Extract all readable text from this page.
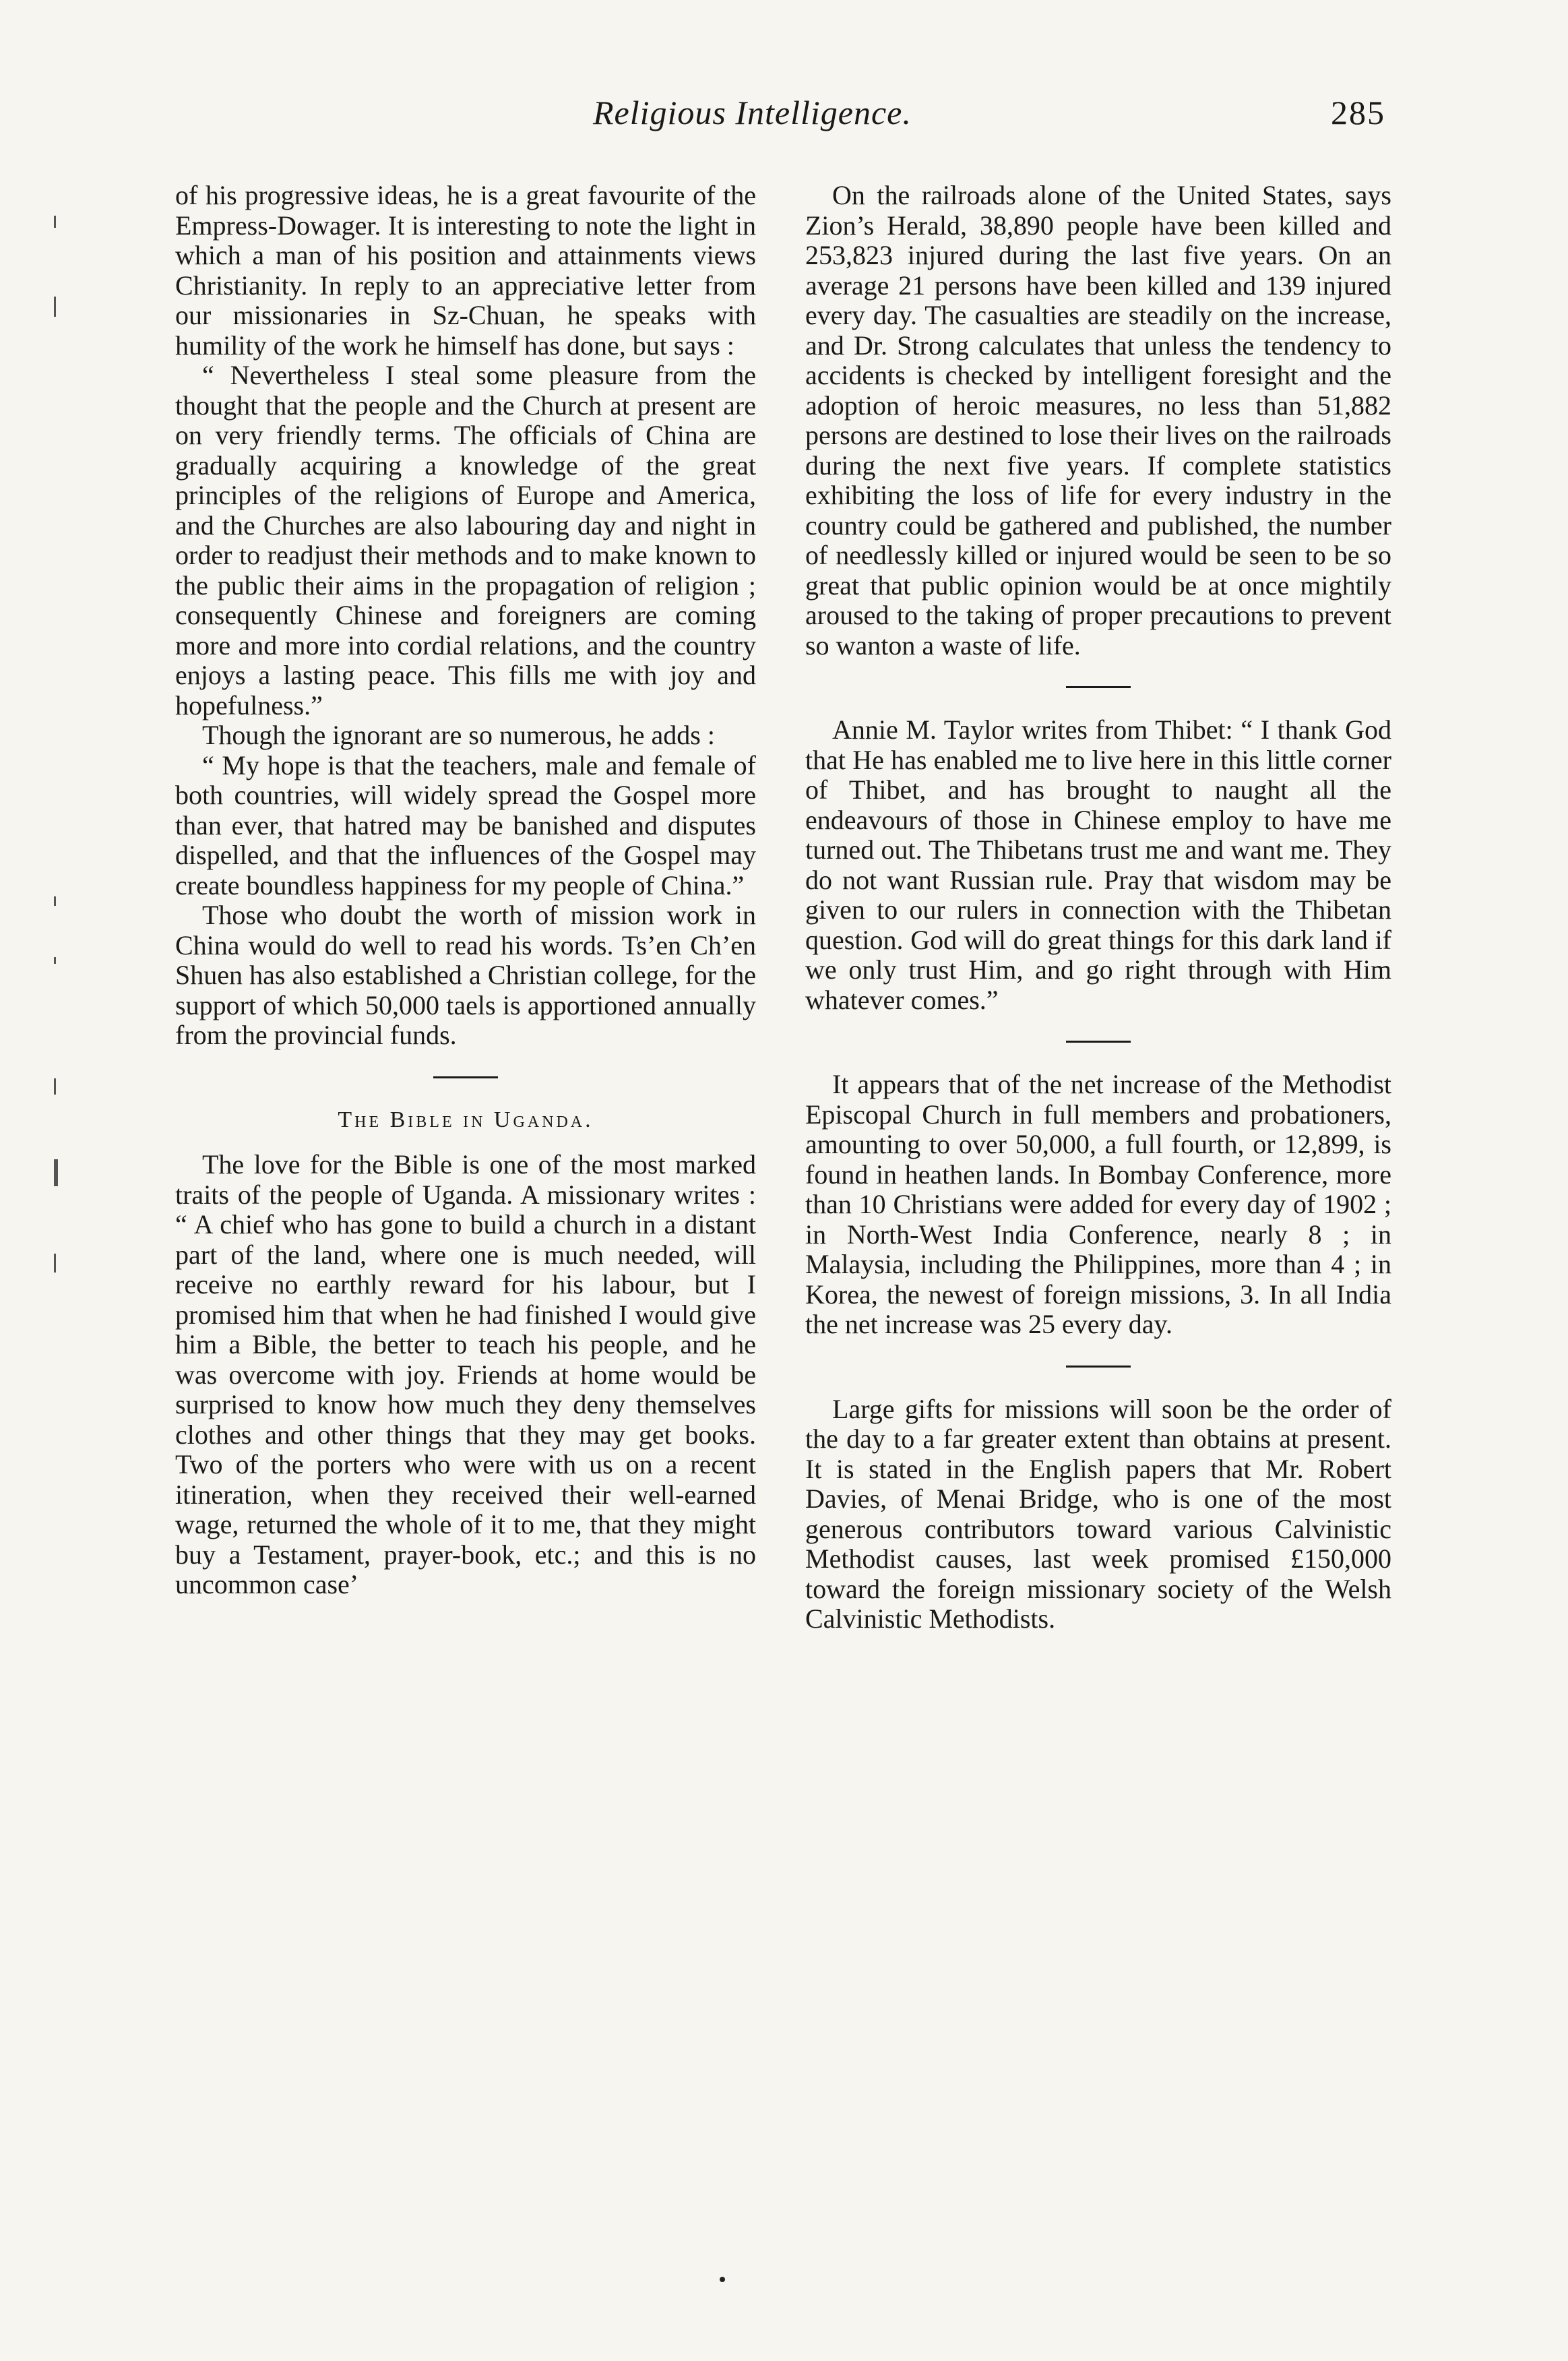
Religious Intelligence.	285

of his progressive ideas, he is a great favourite of the Empress-Dowager. It is interesting to note the light in which a man of his position and attainments views Christianity. In reply to an appreciative letter from our missionaries in Sz-Chuan, he speaks with humility of the work he himself has done, but says :

“ Nevertheless I steal some pleasure from the thought that the people and the Church at present are on very friendly terms. The officials of China are gradually acquiring a knowledge of the great principles of the religions of Europe and America, and the Churches are also labouring day and night in order to readjust their methods and to make known to the public their aims in the propagation of religion ; consequently Chinese and foreigners are coming more and more into cordial relations, and the country enjoys a lasting peace. This fills me with joy and hopefulness.”

Though the ignorant are so numerous, he adds :

“ My hope is that the teachers, male and female of both countries, will widely spread the Gospel more than ever, that hatred may be banished and disputes dispelled, and that the influences of the Gospel may create boundless happiness for my people of China.”

Those who doubt the worth of mission work in China would do well to read his words. Ts’en Ch’en Shuen has also established a Christian college, for the support of which 50,000 taels is apportioned annually from the provincial funds.

The Bible in Uganda.

The love for the Bible is one of the most marked traits of the people of Uganda. A missionary writes : “ A chief who has gone to build a church in a distant part of the land, where one is much needed, will receive no earthly reward for his labour, but I promised him that when he had finished I would give him a Bible, the better to teach his people, and he was overcome with joy. Friends at home would be surprised to know how much they deny themselves clothes and other things that they may get books. Two of the porters who were with us on a recent itineration, when they received their well-earned wage, returned the whole of it to me, that they might buy a Testament, prayer-book, etc.; and this is no uncommon case’

On the railroads alone of the United States, says Zion’s Herald, 38,890 people have been killed and 253,823 injured during the last five years. On an average 21 persons have been killed and 139 injured every day. The casualties are steadily on the increase, and Dr. Strong calculates that unless the tendency to accidents is checked by intelligent foresight and the adoption of heroic measures, no less than 51,882 persons are destined to lose their lives on the railroads during the next five years. If complete statistics exhibiting the loss of life for every industry in the country could be gathered and published, the number of needlessly killed or injured would be seen to be so great that public opinion would be at once mightily aroused to the taking of proper precautions to prevent so wanton a waste of life.

Annie M. Taylor writes from Thibet: “ I thank God that He has enabled me to live here in this little corner of Thibet, and has brought to naught all the endeavours of those in Chinese employ to have me turned out. The Thibetans trust me and want me. They do not want Russian rule. Pray that wisdom may be given to our rulers in connection with the Thibetan question. God will do great things for this dark land if we only trust Him, and go right through with Him whatever comes.”

It appears that of the net increase of the Methodist Episcopal Church in full members and probationers, amounting to over 50,000, a full fourth, or 12,899, is found in heathen lands. In Bombay Conference, more than 10 Christians were added for every day of 1902 ; in North-West India Conference, nearly 8 ; in Malaysia, including the Philippines, more than 4 ; in Korea, the newest of foreign missions, 3. In all India the net increase was 25 every day.

Large gifts for missions will soon be the order of the day to a far greater extent than obtains at present. It is stated in the English papers that Mr. Robert Davies, of Menai Bridge, who is one of the most generous contributors toward various Calvinistic Methodist causes, last week promised £150,000 toward the foreign missionary society of the Welsh Calvinistic Methodists.
